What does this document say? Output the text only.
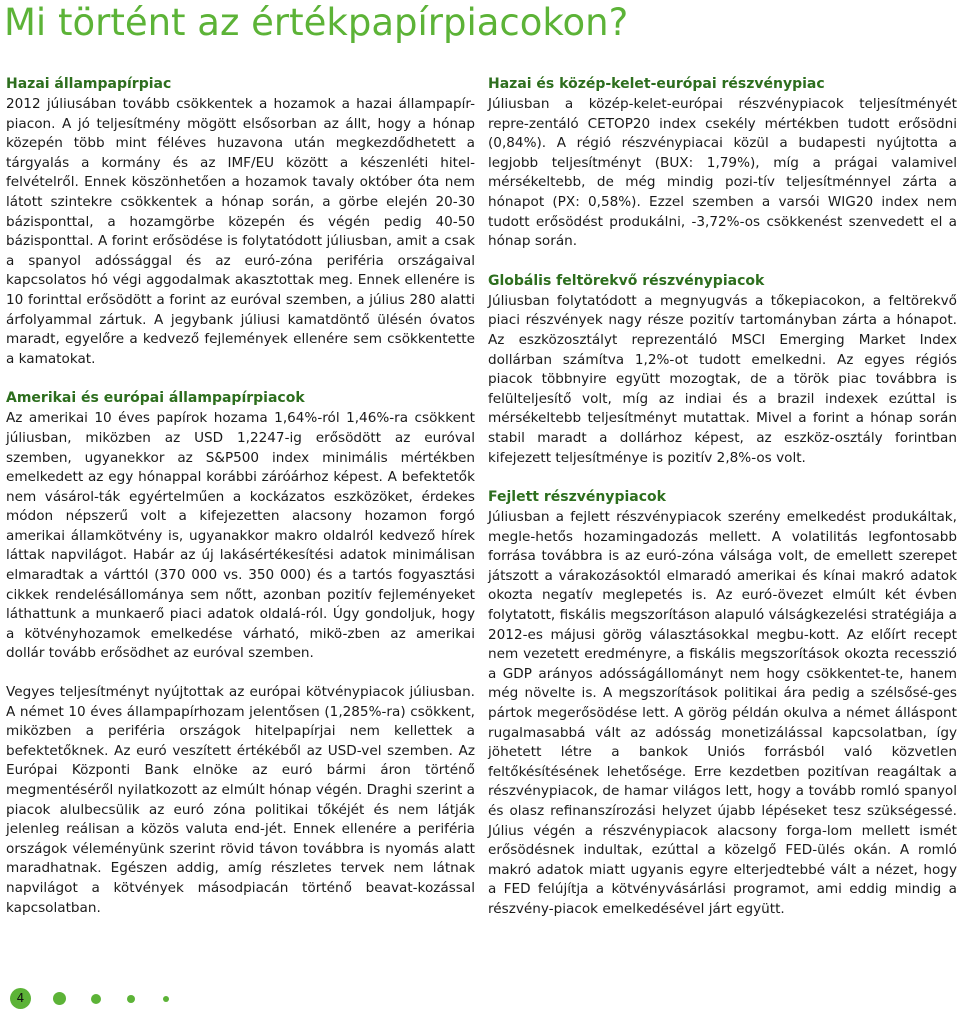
Mi történt az értékpapírpiacokon?
Hazai állampapírpiac

2012 júliusában tovább csökkentek a hozamok a hazai állampapír-piacon. A jó teljesítmény mögött elsősorban az állt, hogy a hónap közepén több mint féléves huzavona után megkezdődhetett a tárgyalás a kormány és az IMF/EU között a készenléti hitel-felvételről. Ennek köszönhetően a hozamok tavaly október óta nem látott szintekre csökkentek a hónap során, a görbe elején 20-30 bázisponttal, a hozamgörbe közepén és végén pedig 40-50 bázisponttal. A forint erősödése is folytatódott júliusban, amit a csak a spanyol adóssággal és az euró-zóna periféria országaival kapcsolatos hó végi aggodalmak akasztottak meg. Ennek ellenére is 10 forinttal erősödött a forint az euróval szemben, a július 280 alatti árfolyammal zártuk. A jegybank júliusi kamatdöntő ülésén óvatos maradt, egyelőre a kedvező fejlemények ellenére sem csökkentette a kamatokat.

Amerikai és európai állampapírpiacok

Az amerikai 10 éves papírok hozama 1,64%-ról 1,46%-ra csökkent júliusban, miközben az USD 1,2247-ig erősödött az euróval szemben, ugyanekkor az S&P500 index minimális mértékben emelkedett az egy hónappal korábbi záróárhoz képest. A befektetők nem vásárol-ták egyértelműen a kockázatos eszközöket, érdekes módon népszerű volt a kifejezetten alacsony hozamon forgó amerikai államkötvény is, ugyanakkor makro oldalról kedvező hírek láttak napvilágot. Habár az új lakásértékesítési adatok minimálisan elmaradtak a várttól (370 000 vs. 350 000) és a tartós fogyasztási cikkek rendelésállománya sem nőtt, azonban pozitív fejleményeket láthattunk a munkaerő piaci adatok oldalá-ról. Úgy gondoljuk, hogy a kötvényhozamok emelkedése várható, mikö-zben az amerikai dollár tovább erősödhet az euróval szemben.

Vegyes teljesítményt nyújtottak az európai kötvénypiacok júliusban. A német 10 éves állampapírhozam jelentősen (1,285%-ra) csökkent, miközben a periféria országok hitelpapírjai nem kellettek a befektetőknek. Az euró veszített értékéből az USD-vel szemben. Az Európai Központi Bank elnöke az euró bármi áron történő megmentéséről nyilatkozott az elmúlt hónap végén. Draghi szerint a piacok alulbecsülik az euró zóna politikai tőkéjét és nem látják jelenleg reálisan a közös valuta end-jét. Ennek ellenére a periféria országok véleményünk szerint rövid távon továbbra is nyomás alatt maradhatnak. Egészen addig, amíg részletes tervek nem látnak napvilágot a kötvények másodpiacán történő beavat-kozással kapcsolatban.

Hazai és közép-kelet-európai részvénypiac

Júliusban a közép-kelet-európai részvénypiacok teljesítményét repre-zentáló CETOP20 index csekély mértékben tudott erősödni (0,84%). A régió részvénypiacai közül a budapesti nyújtotta a legjobb teljesítményt (BUX: 1,79%), míg a prágai valamivel mérsékeltebb, de még mindig pozi-tív teljesítménnyel zárta a hónapot (PX: 0,58%). Ezzel szemben a varsói WIG20 index nem tudott erősödést produkálni, -3,72%-os csökkenést szenvedett el a hónap során.

Globális feltörekvő részvénypiacok

Júliusban folytatódott a megnyugvás a tőkepiacokon, a feltörekvő piaci részvények nagy része pozitív tartományban zárta a hónapot. Az eszközosztályt reprezentáló MSCI Emerging Market Index dollárban számítva 1,2%-ot tudott emelkedni. Az egyes régiós piacok többnyire együtt mozogtak, de a török piac továbbra is felülteljesítő volt, míg az indiai és a brazil indexek ezúttal is mérsékeltebb teljesítményt mutattak. Mivel a forint a hónap során stabil maradt a dollárhoz képest, az eszköz-osztály forintban kifejezett teljesítménye is pozitív 2,8%-os volt.

Fejlett részvénypiacok

Júliusban a fejlett részvénypiacok szerény emelkedést produkáltak, megle-hetős hozamingadozás mellett. A volatilitás legfontosabb forrása továbbra is az euró-zóna válsága volt, de emellett szerepet játszott a várakozásoktól elmaradó amerikai és kínai makró adatok okozta negatív meglepetés is. Az euró-övezet elmúlt két évben folytatott, fiskális megszorításon alapuló válságkezelési stratégiája a 2012-es májusi görög választásokkal megbu-kott. Az előírt recept nem vezetett eredményre, a fiskális megszorítások okozta recesszió a GDP arányos adósságállományt nem hogy csökkentet-te, hanem még növelte is. A megszorítások politikai ára pedig a szélsősé-ges pártok megerősödése lett. A görög példán okulva a német álláspont rugalmasabbá vált az adósság monetizálással kapcsolatban, így jöhetett létre a bankok Uniós forrásból való közvetlen feltőkésítésének lehetősége. Erre kezdetben pozitívan reagáltak a részvénypiacok, de hamar világos lett, hogy a tovább romló spanyol és olasz refinanszírozási helyzet újabb lépéseket tesz szükségessé. Július végén a részvénypiacok alacsony forga-lom mellett ismét erősödésnek indultak, ezúttal a közelgő FED-ülés okán. A romló makró adatok miatt ugyanis egyre elterjedtebbé vált a nézet, hogy a FED felújítja a kötvényvásárlási programot, ami eddig mindig a részvény-piacok emelkedésével járt együtt.

4
